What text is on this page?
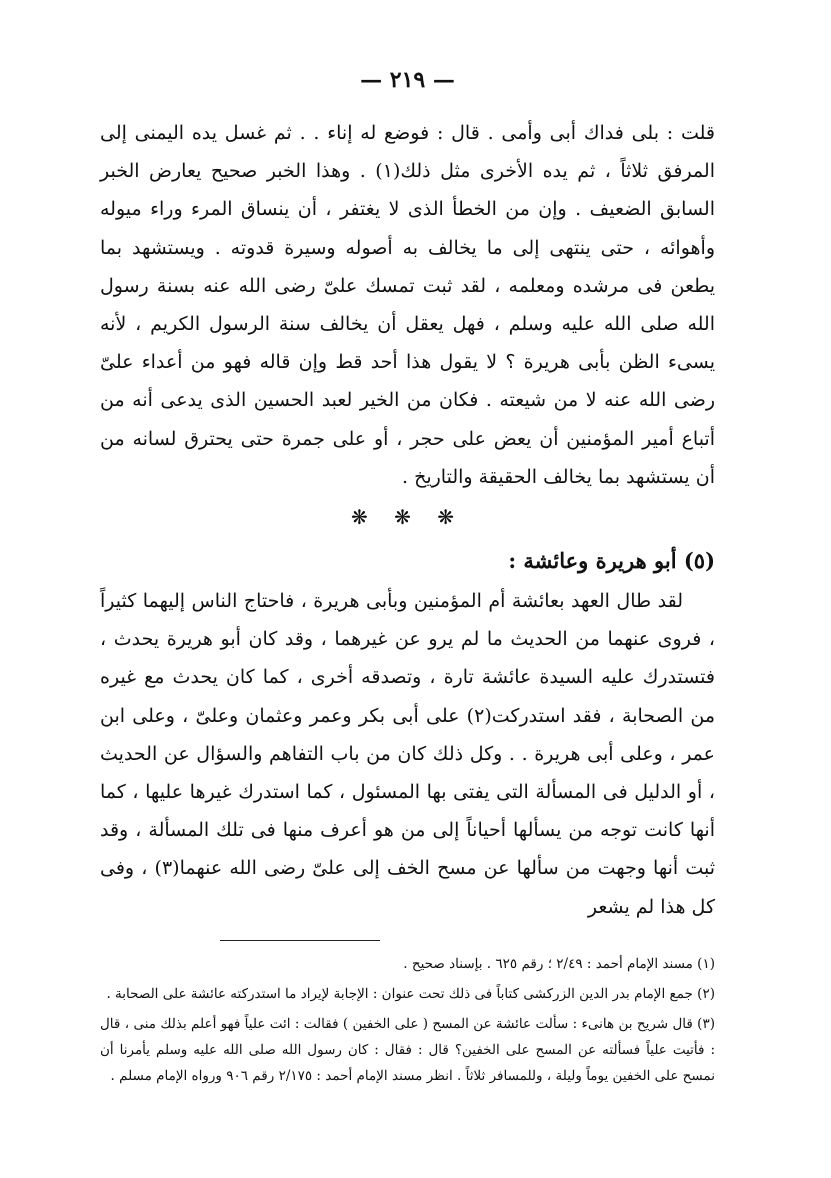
— ٢١٩ —

قلت : بلى فداك أبى وأمى . قال : فوضع له إناء . . ثم غسل يده اليمنى إلى المرفق ثلاثاً ، ثم يده الأخرى مثل ذلك(١) . وهذا الخبر صحيح يعارض الخبر السابق الضعيف . وإن من الخطأ الذى لا يغتفر ، أن ينساق المرء وراء ميوله وأهوائه ، حتى ينتهى إلى ما يخالف به أصوله وسيرة قدوته . ويستشهد بما يطعن فى مرشده ومعلمه ، لقد ثبت تمسك علىّ رضى الله عنه بسنة رسول الله صلى الله عليه وسلم ، فهل يعقل أن يخالف سنة الرسول الكريم ، لأنه يسىء الظن بأبى هريرة ؟ لا يقول هذا أحد قط وإن قاله فهو من أعداء علىّ رضى الله عنه لا من شيعته . فكان من الخير لعبد الحسين الذى يدعى أنه من أتباع أمير المؤمنين أن يعض على حجر ، أو على جمرة حتى يحترق لسانه من أن يستشهد بما يخالف الحقيقة والتاريخ .

❋ ❋ ❋
(٥) أبو هريرة وعائشة :

لقد طال العهد بعائشة أم المؤمنين وبأبى هريرة ، فاحتاج الناس إليهما كثيراً ، فروى عنهما من الحديث ما لم يرو عن غيرهما ، وقد كان أبو هريرة يحدث ، فتستدرك عليه السيدة عائشة تارة ، وتصدقه أخرى ، كما كان يحدث مع غيره من الصحابة ، فقد استدركت(٢) على أبى بكر وعمر وعثمان وعلىّ ، وعلى ابن عمر ، وعلى أبى هريرة . . وكل ذلك كان من باب التفاهم والسؤال عن الحديث ، أو الدليل فى المسألة التى يفتى بها المسئول ، كما استدرك غيرها عليها ، كما أنها كانت توجه من يسألها أحياناً إلى من هو أعرف منها فى تلك المسألة ، وقد ثبت أنها وجهت من سألها عن مسح الخف إلى علىّ رضى الله عنهما(٣) ، وفى كل هذا لم يشعر

(١) مسند الإمام أحمد : ٢/٤٩ ؛ رقم ٦٢٥ . بإسناد صحيح .

(٢) جمع الإمام بدر الدين الزركشى كتاباً فى ذلك تحت عنوان : الإجابة لإيراد ما استدركته عائشة على الصحابة .

(٣) قال شريح بن هانىء : سألت عائشة عن المسح ( على الخفين ) فقالت : ائت علياً فهو أعلم بذلك منى ، قال : فأتيت علياً فسألته عن المسح على الخفين؟ قال : فقال : كان رسول الله صلى الله عليه وسلم يأمرنا أن نمسح على الخفين يوماً وليلة ، وللمسافر ثلاثاً . انظر مسند الإمام أحمد : ٢/١٧٥ رقم ٩٠٦ ورواه الإمام مسلم .
